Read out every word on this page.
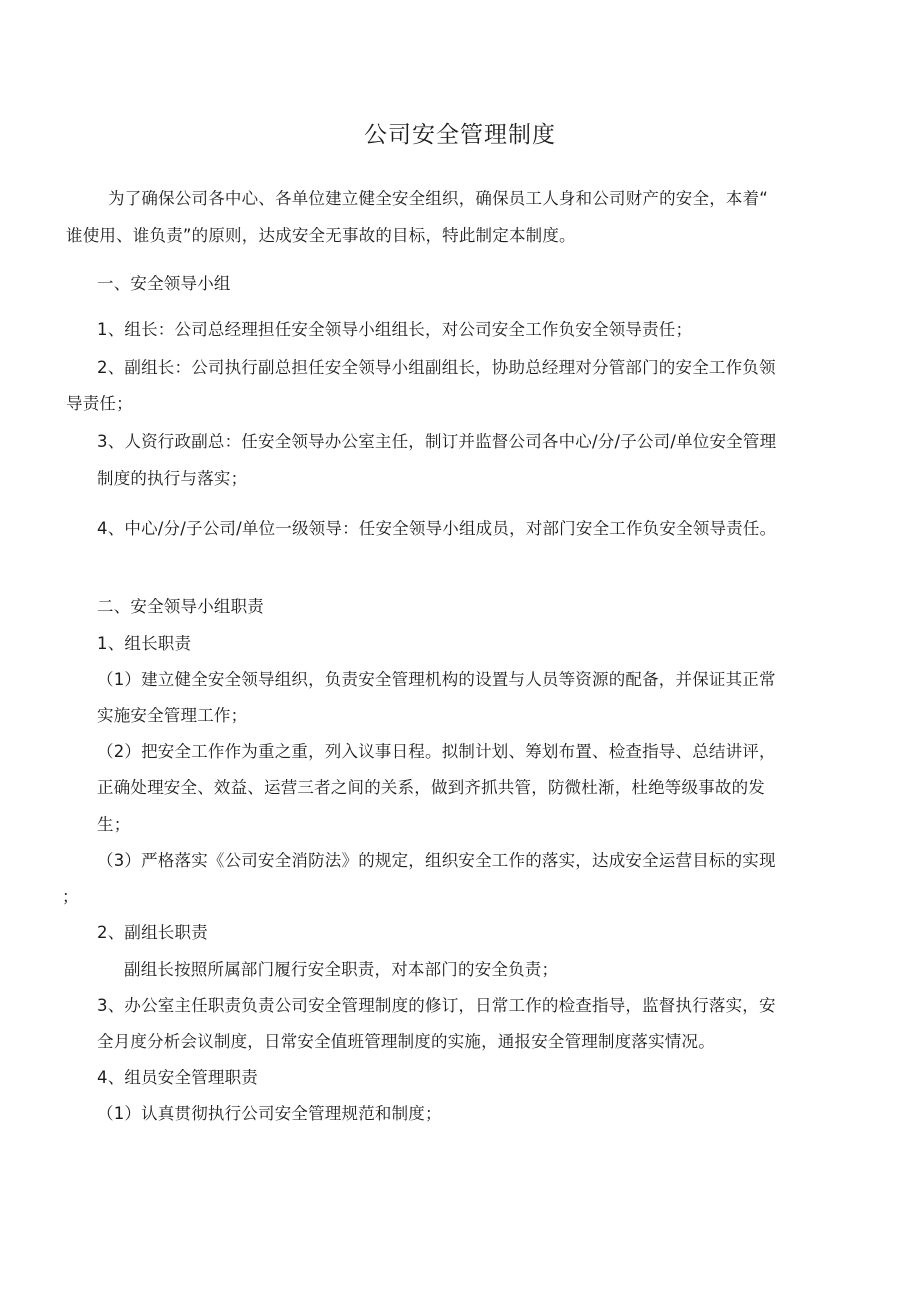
公司安全管理制度
为了确保公司各中心、各单位建立健全安全组织，确保员工人身和公司财产的安全，本着“
谁使用、谁负责”的原则，达成安全无事故的目标，特此制定本制度。
一、安全领导小组
1、组长：公司总经理担任安全领导小组组长，对公司安全工作负安全领导责任；
2、副组长：公司执行副总担任安全领导小组副组长，协助总经理对分管部门的安全工作负领
导责任；
3、人资行政副总：任安全领导办公室主任，制订并监督公司各中心/分/子公司/单位安全管理
制度的执行与落实；
4、中心/分/子公司/单位一级领导：任安全领导小组成员，对部门安全工作负安全领导责任。
二、安全领导小组职责
1、组长职责
（1）建立健全安全领导组织，负责安全管理机构的设置与人员等资源的配备，并保证其正常
实施安全管理工作；
（2）把安全工作作为重之重，列入议事日程。拟制计划、筹划布置、检查指导、总结讲评，
正确处理安全、效益、运营三者之间的关系，做到齐抓共管，防微杜渐，杜绝等级事故的发
生；
（3）严格落实《公司安全消防法》的规定，组织安全工作的落实，达成安全运营目标的实现
；
2、副组长职责
副组长按照所属部门履行安全职责，对本部门的安全负责；
3、办公室主任职责负责公司安全管理制度的修订，日常工作的检查指导，监督执行落实，安
全月度分析会议制度，日常安全值班管理制度的实施，通报安全管理制度落实情况。
4、组员安全管理职责
（1）认真贯彻执行公司安全管理规范和制度；
